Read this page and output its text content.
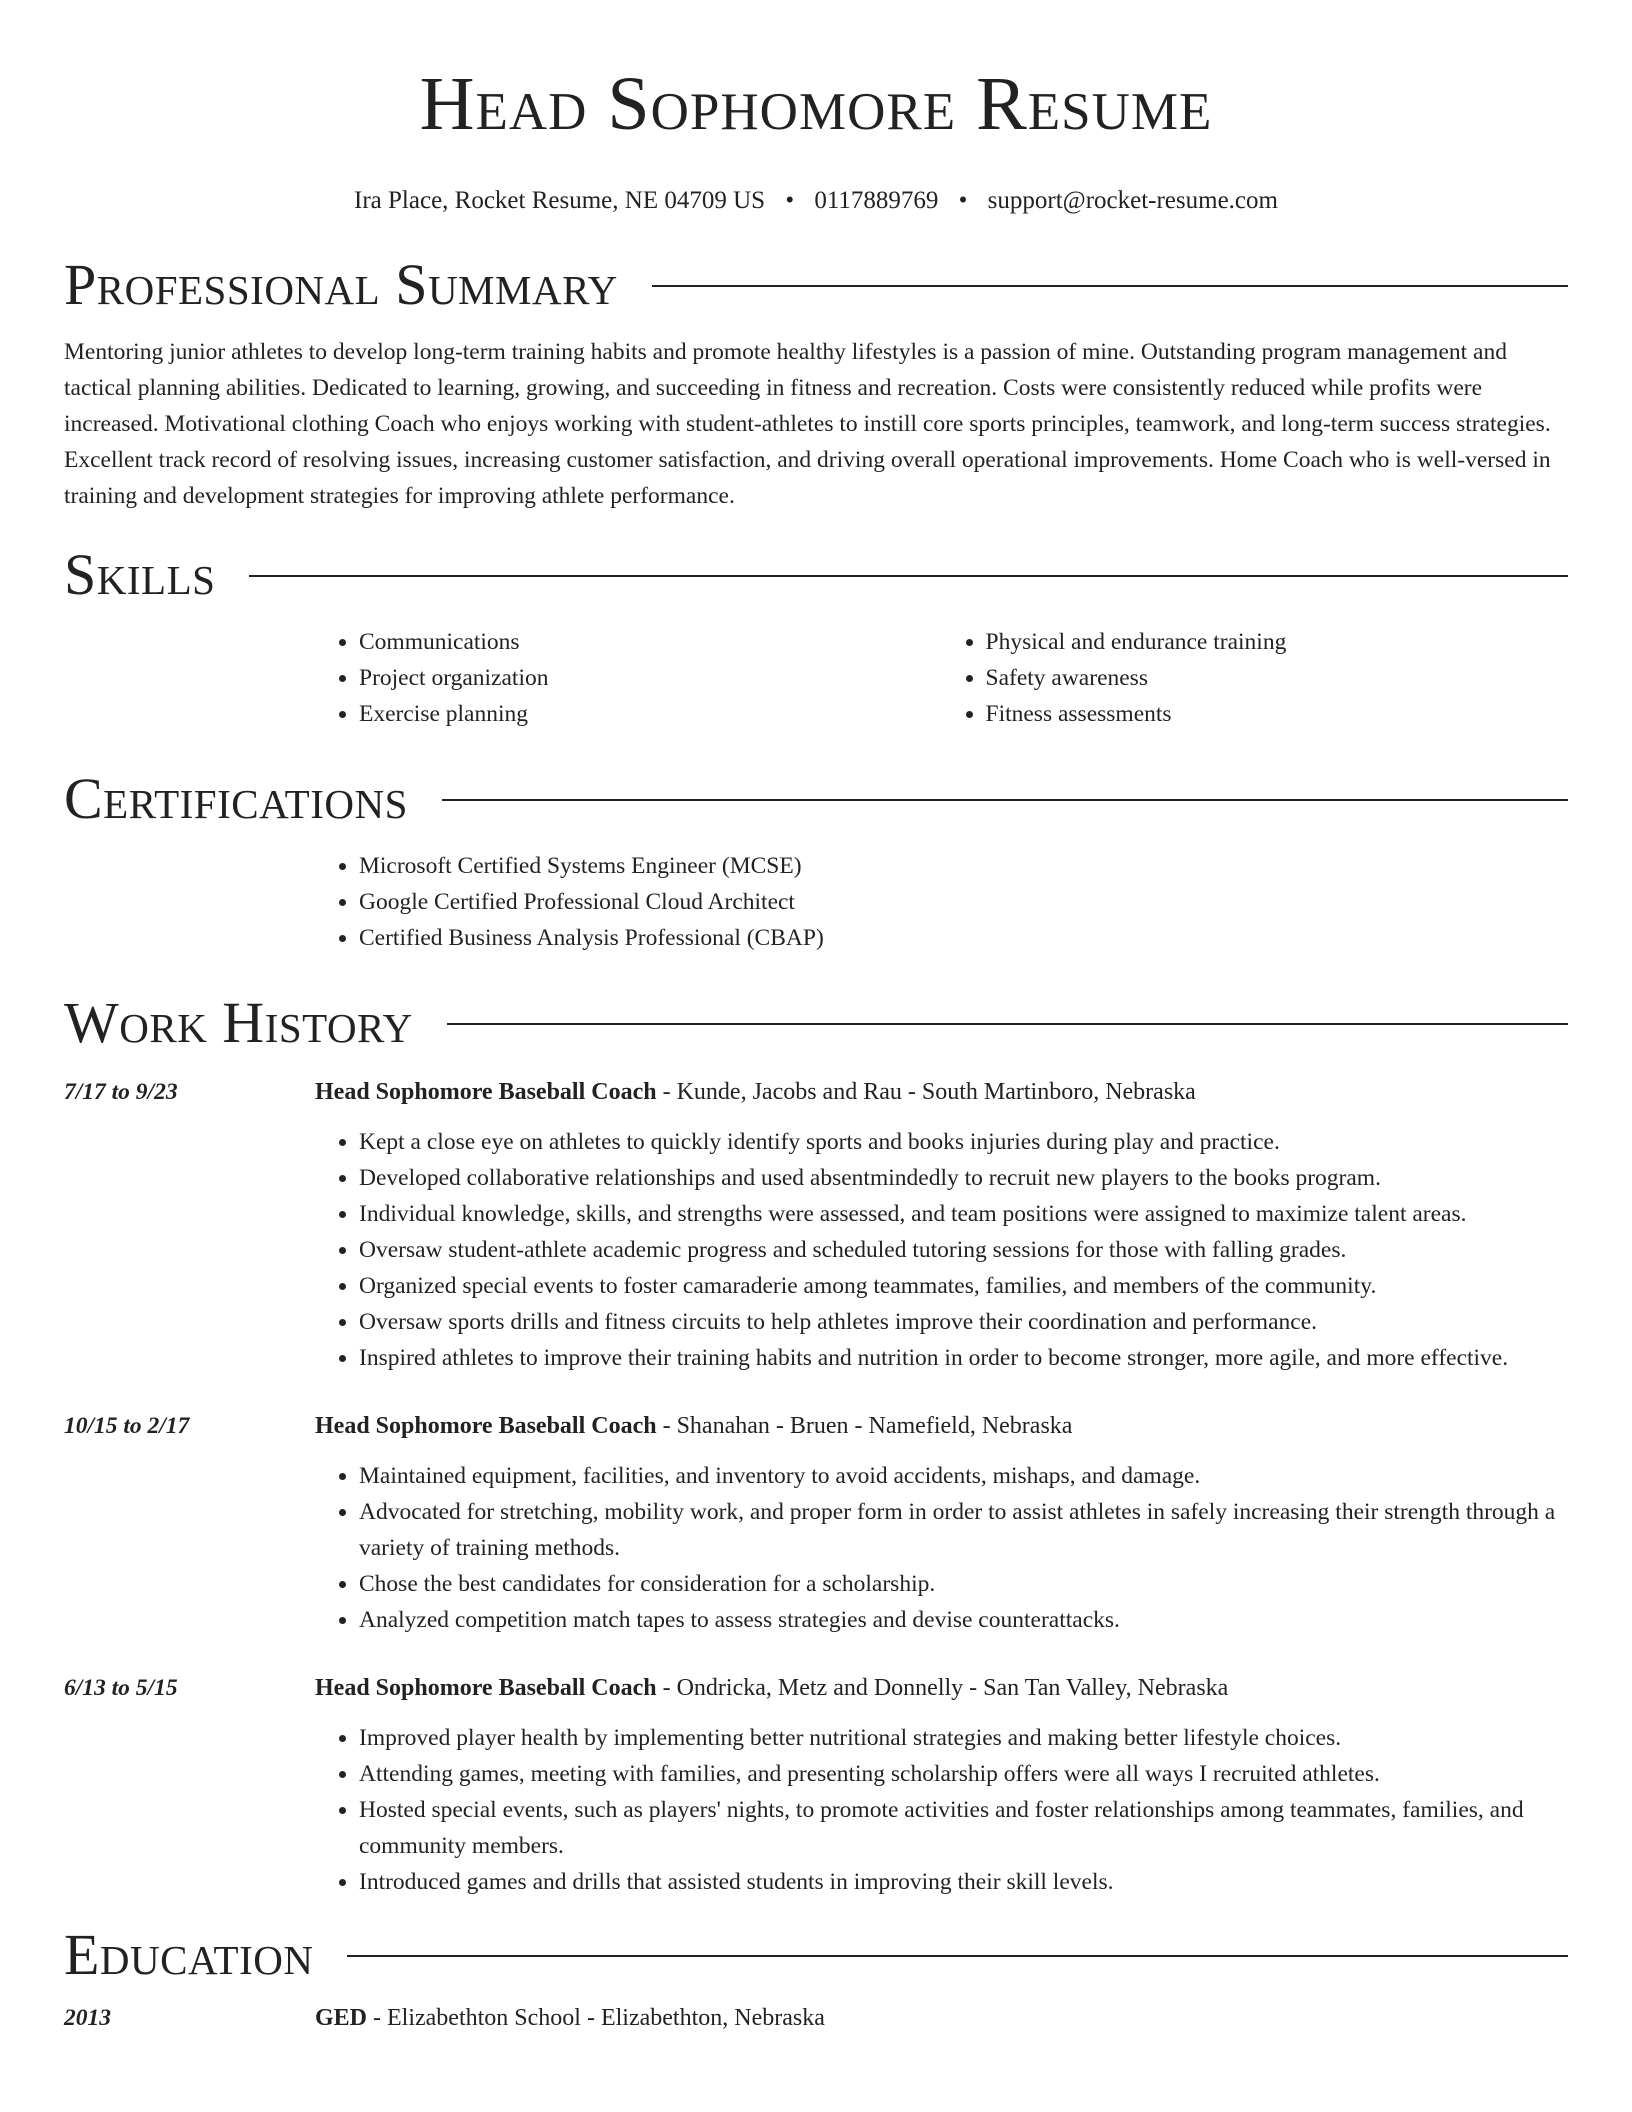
Head Sophomore Resume
Ira Place, Rocket Resume, NE 04709 US • 0117889769 • support@rocket-resume.com
Professional Summary

Mentoring junior athletes to develop long-term training habits and promote healthy lifestyles is a passion of mine. Outstanding program management and tactical planning abilities. Dedicated to learning, growing, and succeeding in fitness and recreation. Costs were consistently reduced while profits were increased. Motivational clothing Coach who enjoys working with student-athletes to instill core sports principles, teamwork, and long-term success strategies. Excellent track record of resolving issues, increasing customer satisfaction, and driving overall operational improvements. Home Coach who is well-versed in training and development strategies for improving athlete performance.

Skills
• Communications
• Project organization
• Exercise planning
• Physical and endurance training
• Safety awareness
• Fitness assessments
Certifications
• Microsoft Certified Systems Engineer (MCSE)
• Google Certified Professional Cloud Architect
• Certified Business Analysis Professional (CBAP)
Work History
7/17 to 9/23	Head Sophomore Baseball Coach - Kunde, Jacobs and Rau - South Martinboro, Nebraska
• Kept a close eye on athletes to quickly identify sports and books injuries during play and practice.
• Developed collaborative relationships and used absentmindedly to recruit new players to the books program.
• Individual knowledge, skills, and strengths were assessed, and team positions were assigned to maximize talent areas.
• Oversaw student-athlete academic progress and scheduled tutoring sessions for those with falling grades.
• Organized special events to foster camaraderie among teammates, families, and members of the community.
• Oversaw sports drills and fitness circuits to help athletes improve their coordination and performance.
• Inspired athletes to improve their training habits and nutrition in order to become stronger, more agile, and more effective.
10/15 to 2/17	Head Sophomore Baseball Coach - Shanahan - Bruen - Namefield, Nebraska
• Maintained equipment, facilities, and inventory to avoid accidents, mishaps, and damage.
• Advocated for stretching, mobility work, and proper form in order to assist athletes in safely increasing their strength through a variety of training methods.
• Chose the best candidates for consideration for a scholarship.
• Analyzed competition match tapes to assess strategies and devise counterattacks.
6/13 to 5/15	Head Sophomore Baseball Coach - Ondricka, Metz and Donnelly - San Tan Valley, Nebraska
• Improved player health by implementing better nutritional strategies and making better lifestyle choices.
• Attending games, meeting with families, and presenting scholarship offers were all ways I recruited athletes.
• Hosted special events, such as players' nights, to promote activities and foster relationships among teammates, families, and community members.
• Introduced games and drills that assisted students in improving their skill levels.
Education
2013	GED - Elizabethton School - Elizabethton, Nebraska
